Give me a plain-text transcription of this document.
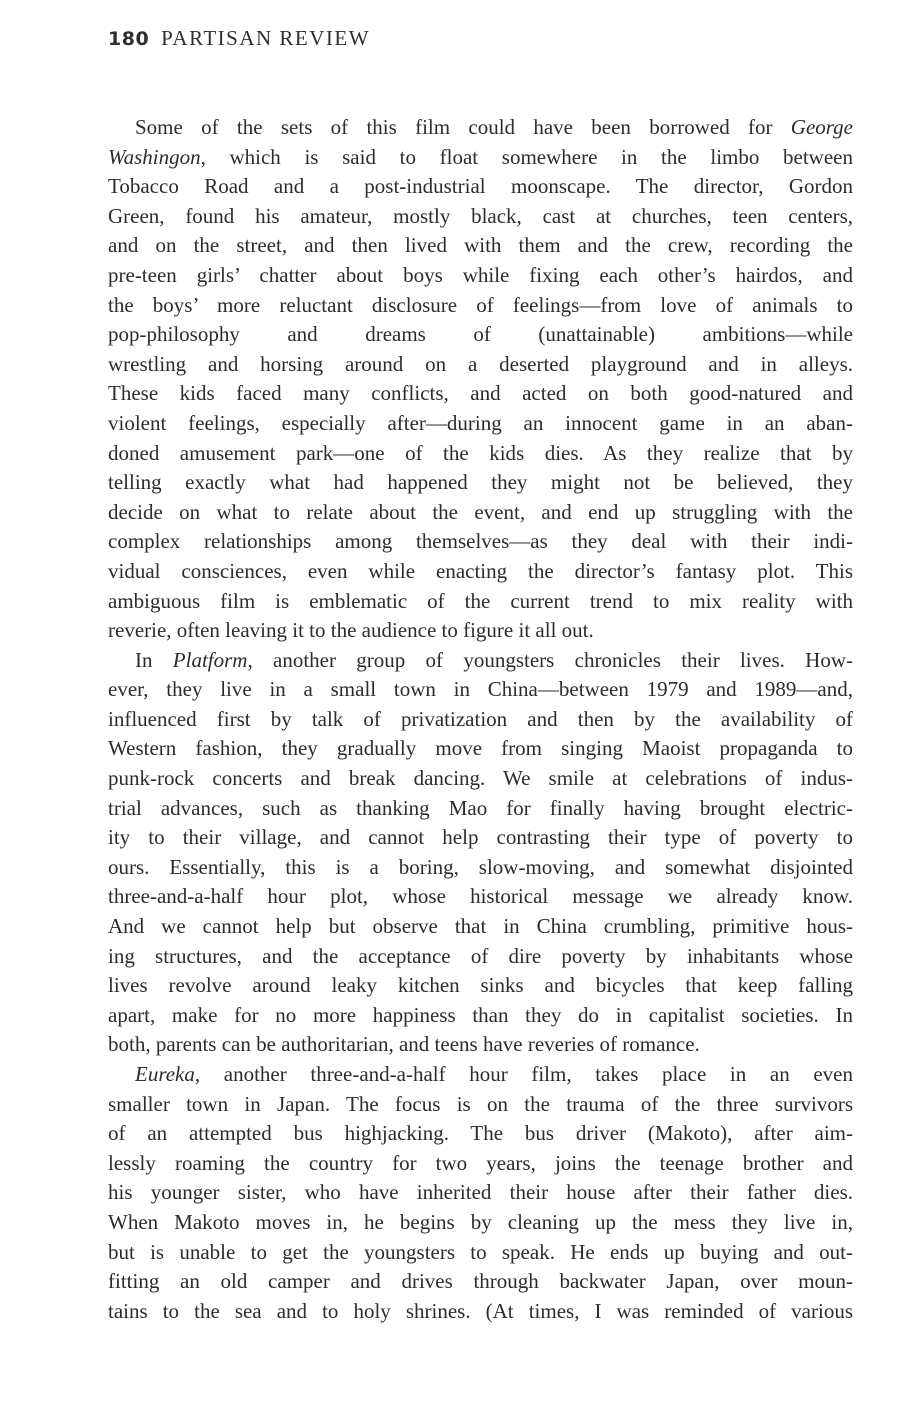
180 PARTISAN REVIEW
Some of the sets of this film could have been borrowed for George
Washingon, which is said to float somewhere in the limbo between
Tobacco Road and a post-industrial moonscape. The director, Gordon
Green, found his amateur, mostly black, cast at churches, teen centers,
and on the street, and then lived with them and the crew, recording the
pre-teen girls’ chatter about boys while fixing each other’s hairdos, and
the boys’ more reluctant disclosure of feelings—from love of animals to
pop-philosophy and dreams of (unattainable) ambitions—while
wrestling and horsing around on a deserted playground and in alleys.
These kids faced many conflicts, and acted on both good-natured and
violent feelings, especially after—during an innocent game in an aban-
doned amusement park—one of the kids dies. As they realize that by
telling exactly what had happened they might not be believed, they
decide on what to relate about the event, and end up struggling with the
complex relationships among themselves—as they deal with their indi-
vidual consciences, even while enacting the director’s fantasy plot. This
ambiguous film is emblematic of the current trend to mix reality with
reverie, often leaving it to the audience to figure it all out.
In Platform, another group of youngsters chronicles their lives. How-
ever, they live in a small town in China—between 1979 and 1989—and,
influenced first by talk of privatization and then by the availability of
Western fashion, they gradually move from singing Maoist propaganda to
punk-rock concerts and break dancing. We smile at celebrations of indus-
trial advances, such as thanking Mao for finally having brought electric-
ity to their village, and cannot help contrasting their type of poverty to
ours. Essentially, this is a boring, slow-moving, and somewhat disjointed
three-and-a-half hour plot, whose historical message we already know.
And we cannot help but observe that in China crumbling, primitive hous-
ing structures, and the acceptance of dire poverty by inhabitants whose
lives revolve around leaky kitchen sinks and bicycles that keep falling
apart, make for no more happiness than they do in capitalist societies. In
both, parents can be authoritarian, and teens have reveries of romance.
Eureka, another three-and-a-half hour film, takes place in an even
smaller town in Japan. The focus is on the trauma of the three survivors
of an attempted bus highjacking. The bus driver (Makoto), after aim-
lessly roaming the country for two years, joins the teenage brother and
his younger sister, who have inherited their house after their father dies.
When Makoto moves in, he begins by cleaning up the mess they live in,
but is unable to get the youngsters to speak. He ends up buying and out-
fitting an old camper and drives through backwater Japan, over moun-
tains to the sea and to holy shrines. (At times, I was reminded of various
